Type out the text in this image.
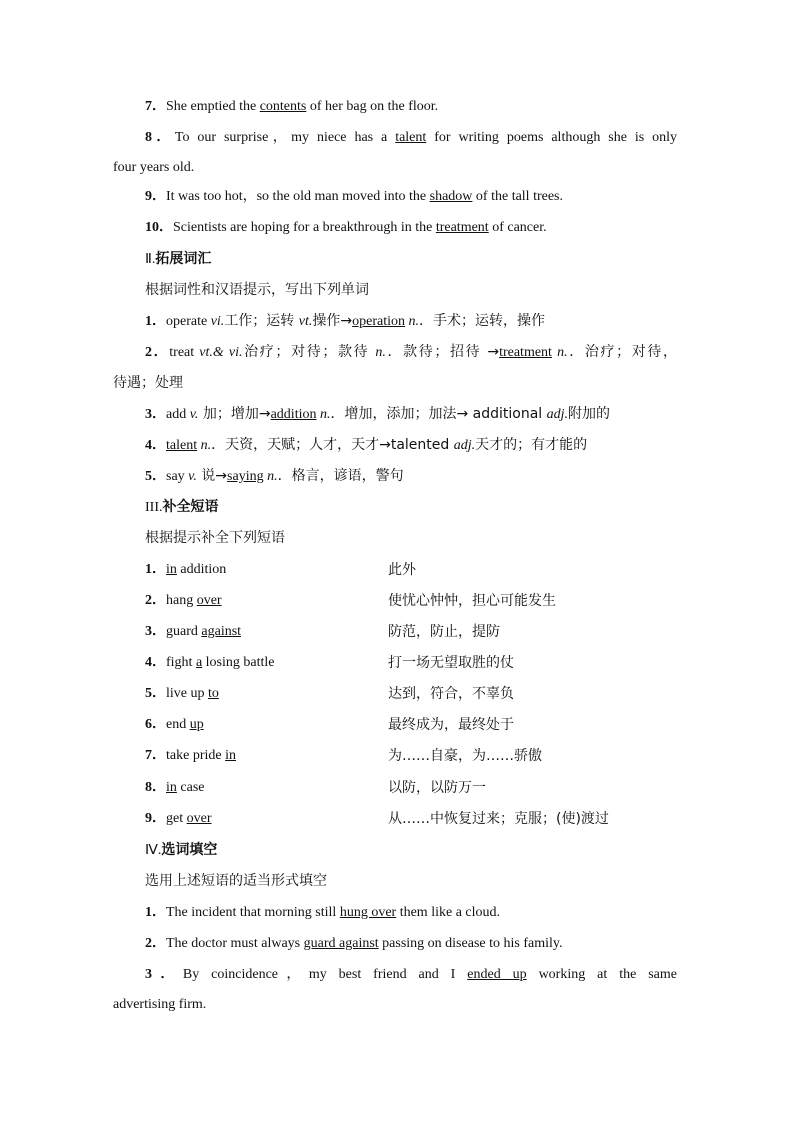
7．She emptied the contents of her bag on the floor.
8．To our surprise，my niece has a talent for writing poems although she is only
four years old.
9．It was too hot，so the old man moved into the shadow of the tall trees.
10．Scientists are hoping for a breakthrough in the treatment of cancer.
Ⅱ.拓展词汇
根据词性和汉语提示，写出下列单词
1．operate vi.工作；运转 vt.操作→operation n.．手术；运转，操作
2．treat vt.& vi.治疗；对待；款待 n.．款待；招待 →treatment n.．治疗；对待，
待遇；处理
3．add v. 加；增加→addition n.．增加，添加；加法→ additional adj.附加的
4．talent n.．天资，天赋；人才，天才→talented adj.天才的；有才能的
5．say v. 说→saying n.．格言，谚语，警句
III.补全短语
根据提示补全下列短语
1．in addition	此外
2．hang over	使忧心忡忡，担心可能发生
3．guard against	防范，防止，提防
4．fight a losing battle	打一场无望取胜的仗
5．live up to	达到，符合，不辜负
6．end up	最终成为，最终处于
7．take pride in	为……自豪，为……骄傲
8．in case	以防，以防万一
9．get over	从……中恢复过来；克服；(使)渡过
Ⅳ.选词填空
选用上述短语的适当形式填空
1．The incident that morning still hung over them like a cloud.
2．The doctor must always guard against passing on disease to his family.
3．By coincidence，my best friend and I ended up working at the same
advertising firm.
